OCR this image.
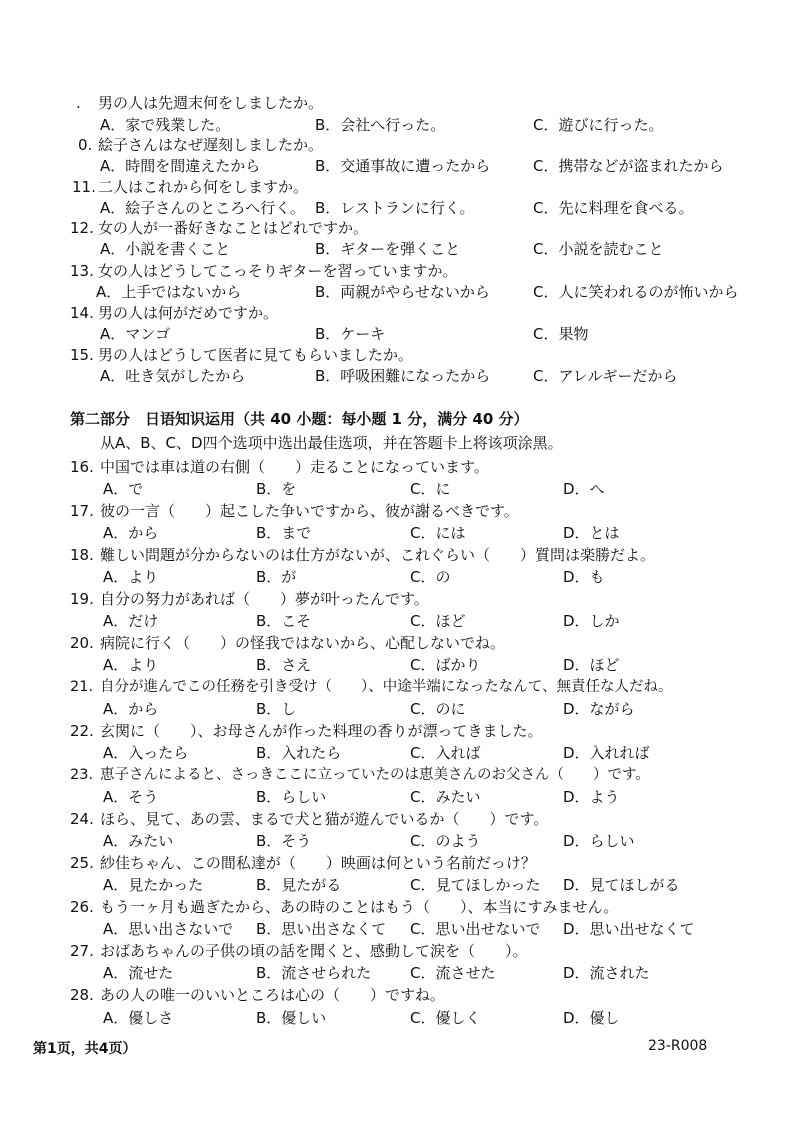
. 男の人は先週末何をしましたか。
A．家で残業した。	B．会社へ行った。	C．遊びに行った。
0. 絵子さんはなぜ遅刻しましたか。
A．時間を間違えたから	B．交通事故に遭ったから	C．携帯などが盗まれたから
11. 二人はこれから何をしますか。
A．絵子さんのところへ行く。 B．レストランに行く。	C．先に料理を食べる。
12. 女の人が一番好きなことはどれですか。
A．小説を書くこと	B．ギターを弾くこと	C．小説を読むこと
13. 女の人はどうしてこっそりギターを習っていますか。
A．上手ではないから	B．両親がやらせないから	C．人に笑われるのが怖いから
14. 男の人は何がだめですか。
A．マンゴ	B．ケーキ	C．果物
15. 男の人はどうして医者に見てもらいましたか。
A．吐き気がしたから	B．呼吸困難になったから	C．アレルギーだから
第二部分　日语知识运用（共 40 小题：每小题 1 分，满分 40 分）
从A、B、C、D四个选项中选出最佳选项，并在答题卡上将该项涂黑。
16. 中国では車は道の右側（　　）走ることになっています。
A．で	B．を	C．に	D．へ
17. 彼の一言（　　）起こした争いですから、彼が謝るべきです。
A．から	B．まで	C．には	D．とは
18. 難しい問題が分からないのは仕方がないが、これぐらい（　　）質問は楽勝だよ。
A．より	B．が	C．の	D．も
19. 自分の努力があれば（　　）夢が叶ったんです。
A．だけ	B．こそ	C．ほど	D．しか
20. 病院に行く（　　）の怪我ではないから、心配しないでね。
A．より	B．さえ	C．ばかり	D．ほど
21. 自分が進んでこの任務を引き受け（　　）、中途半端になったなんて、無責任な人だね。
A．から	B．し	C．のに	D．ながら
22. 玄関に（　　）、お母さんが作った料理の香りが漂ってきました。
A．入ったら	B．入れたら	C．入れば	D．入れれば
23. 恵子さんによると、さっきここに立っていたのは恵美さんのお父さん（　　）です。
A．そう	B．らしい	C．みたい	D．よう
24. ほら、見て、あの雲、まるで犬と猫が遊んでいるか（　　）です。
A．みたい	B．そう	C．のよう	D．らしい
25. 紗佳ちゃん、この間私達が（　　）映画は何という名前だっけ？
A．見たかった	B．見たがる	C．見てほしかった D．見てほしがる
26. もう一ヶ月も過ぎたから、あの時のことはもう（　　）、本当にすみません。
A．思い出さないで B．思い出さなくて C．思い出せないで D．思い出せなくて
27. おばあちゃんの子供の頃の話を聞くと、感動して涙を（　　）。
A．流せた	B．流させられた	C．流させた	D．流された
28. あの人の唯一のいいところは心の（　　）ですね。
A．優しさ	B．優しい	C．優しく	D．優し
第1页，共4页）	23-R008
